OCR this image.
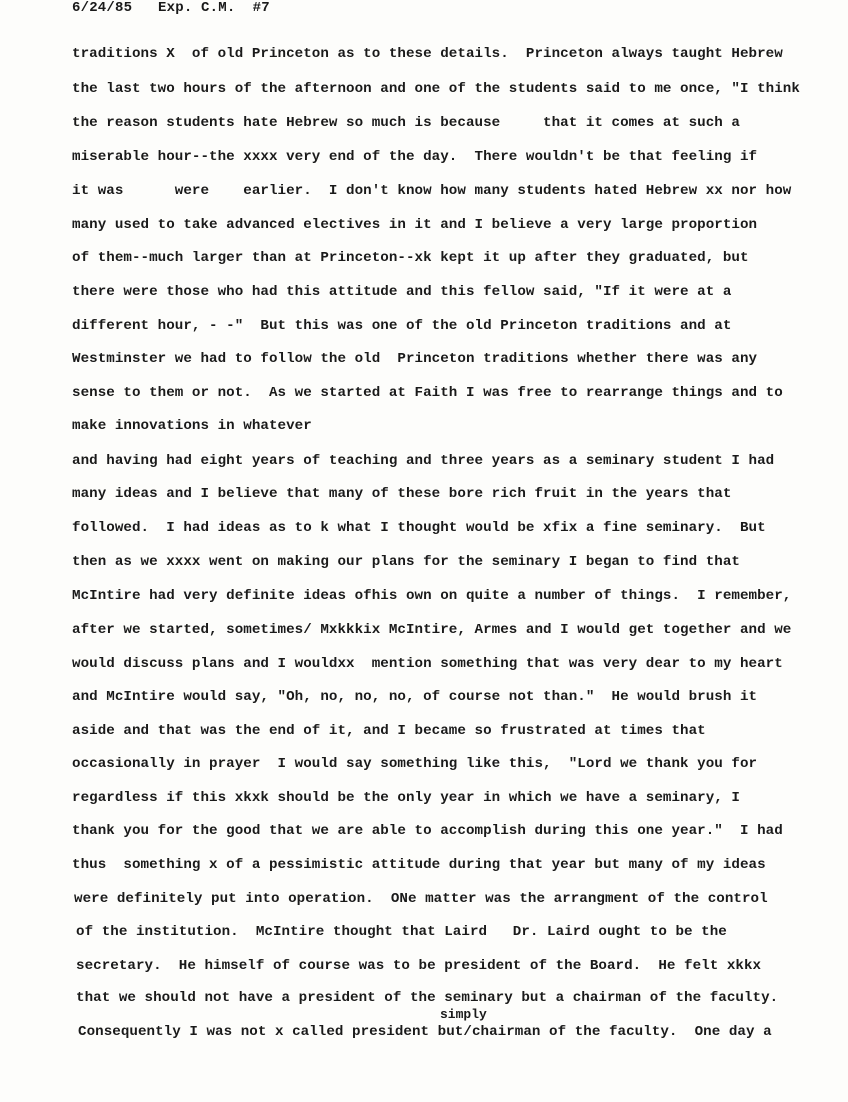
6/24/85   Exp. C.M.  #7
traditions X  of old Princeton as to these details.  Princeton always taught Hebrew
the last two hours of the afternoon and one of the students said to me once, "I think
the reason students hate Hebrew so much is because     that it comes at such a
miserable hour--the xxxx very end of the day.  There wouldn't be that feeling if
it was      were    earlier.  I don't know how many students hated Hebrew xx nor how
many used to take advanced electives in it and I believe a very large proportion
of them--much larger than at Princeton--xk kept it up after they graduated, but
there were those who had this attitude and this fellow said, "If it were at a
different hour, - -"  But this was one of the old Princeton traditions and at
Westminster we had to follow the old  Princeton traditions whether there was any
sense to them or not.  As we started at Faith I was free to rearrange things and to
make innovations in whatever
and having had eight years of teaching and three years as a seminary student I had
many ideas and I believe that many of these bore rich fruit in the years that
followed.  I had ideas as to k what I thought would be xfix a fine seminary.  But
then as we xxxx went on making our plans for the seminary I began to find that
McIntire had very definite ideas ofhis own on quite a number of things.  I remember,
after we started, sometimes/ Mxkkkix McIntire, Armes and I would get together and we
would discuss plans and I wouldxx  mention something that was very dear to my heart
and McIntire would say, "Oh, no, no, no, of course not than."  He would brush it
aside and that was the end of it, and I became so frustrated at times that
occasionally in prayer  I would say something like this,  "Lord we thank you for
regardless if this xkxk should be the only year in which we have a seminary, I
thank you for the good that we are able to accomplish during this one year."  I had
thus  something x of a pessimistic attitude during that year but many of my ideas
were definitely put into operation.  ONe matter was the arrangment of the control
of the institution.  McIntire thought that Laird   Dr. Laird ought to be the
secretary.  He himself of course was to be president of the Board.  He felt xkkx
that we should not have a president of the seminary but a chairman of the faculty.
Consequently I was not x called president but/chairman of the faculty.  One day a
simply
